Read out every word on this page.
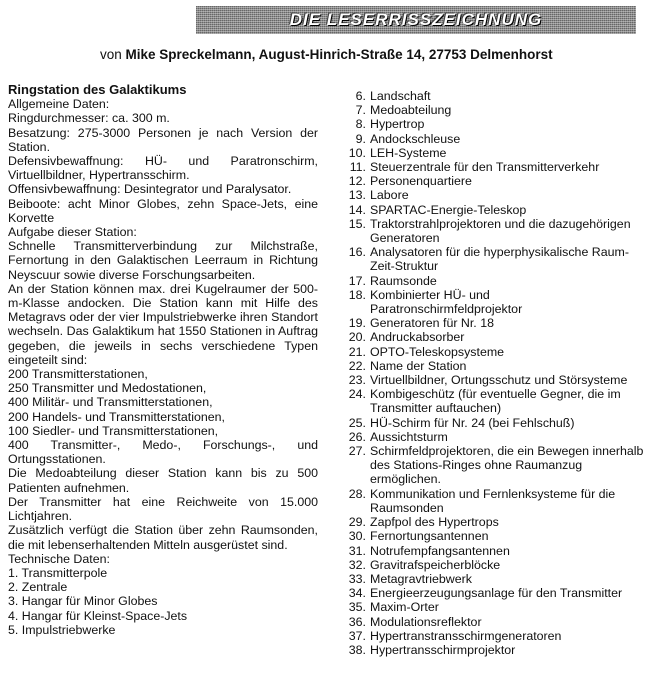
DIE LESERRISSZEICHNUNG
von Mike Spreckelmann, August-Hinrich-Straße 14, 27753 Delmenhorst

Ringstation des Galaktikums

Allgemeine Daten:

Ringdurchmesser: ca. 300 m.

Besatzung: 275-3000 Personen je nach Version der Station.

Defensivbewaffnung: HÜ- und Paratronschirm, Virtuellbildner, Hypertransschirm.

Offensivbewaffnung: Desintegrator und Paralysator.

Beiboote: acht Minor Globes, zehn Space-Jets, eine Korvette

Aufgabe dieser Station:

Schnelle Transmitterverbindung zur Milchstraße, Fernortung in den Galaktischen Leerraum in Richtung Neyscuur sowie diverse Forschungsarbeiten.

An der Station können max. drei Kugelraumer der 500-m-Klasse andocken. Die Station kann mit Hilfe des Metagravs oder der vier Impulstriebwerke ihren Standort wechseln. Das Galaktikum hat 1550 Stationen in Auftrag gegeben, die jeweils in sechs verschiedene Typen eingeteilt sind:

200 Transmitterstationen,

250 Transmitter und Medostationen,

400 Militär- und Transmitterstationen,

200 Handels- und Transmitterstationen,

100 Siedler- und Transmitterstationen,

400 Transmitter-, Medo-, Forschungs-, und Ortungsstationen.

Die Medoabteilung dieser Station kann bis zu 500 Patienten aufnehmen.

Der Transmitter hat eine Reichweite von 15.000 Lichtjahren.

Zusätzlich verfügt die Station über zehn Raumsonden, die mit lebenserhaltenden Mitteln ausgerüstet sind.

Technische Daten:

1. Transmitterpole

2. Zentrale

3. Hangar für Minor Globes

4. Hangar für Kleinst-Space-Jets

5. Impulstriebwerke

6. Landschaft
7. Medoabteilung
8. Hypertrop
9. Andockschleuse
10. LEH-Systeme
11. Steuerzentrale für den Transmitterverkehr
12. Personenquartiere
13. Labore
14. SPARTAC-Energie-Teleskop
15. Traktorstrahlprojektoren und die dazugehörigen Generatoren
16. Analysatoren für die hyperphysikalische Raum-Zeit-Struktur
17. Raumsonde
18. Kombinierter HÜ- und Paratronschirmfeldprojektor
19. Generatoren für Nr. 18
20. Andruckabsorber
21. OPTO-Teleskopsysteme
22. Name der Station
23. Virtuellbildner, Ortungsschutz und Störsysteme
24. Kombigeschütz (für eventuelle Gegner, die im Transmitter auftauchen)
25. HÜ-Schirm für Nr. 24 (bei Fehlschuß)
26. Aussichtsturm
27. Schirmfeldprojektoren, die ein Bewegen innerhalb des Stations-Ringes ohne Raumanzug ermöglichen.
28. Kommunikation und Fernlenksysteme für die Raumsonden
29. Zapfpol des Hypertrops
30. Fernortungsantennen
31. Notrufempfangsantennen
32. Gravitrafspeicherblöcke
33. Metagravtriebwerk
34. Energieerzeugungsanlage für den Transmitter
35. Maxim-Orter
36. Modulationsreflektor
37. Hypertranstransschirmgeneratoren
38. Hypertransschirmprojektor
